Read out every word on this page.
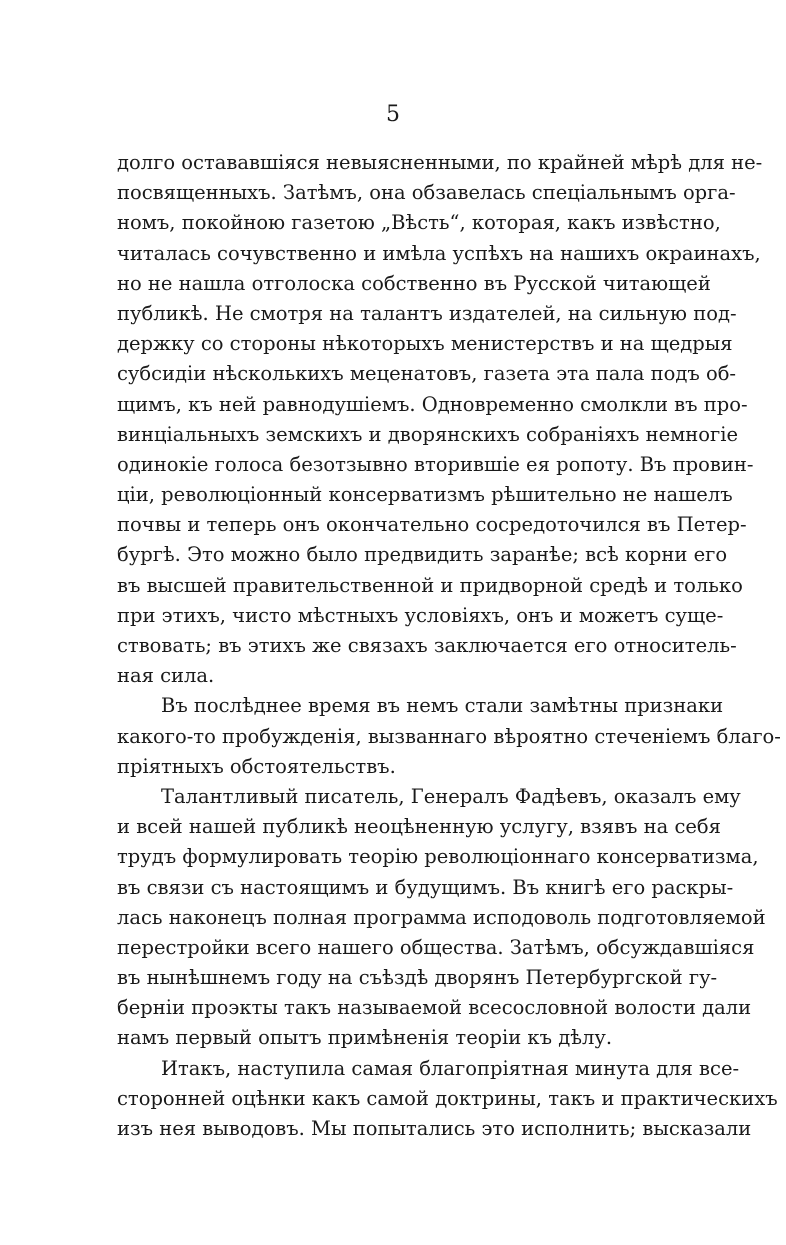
5
долго остававшіяся невыясненными, по крайней мѣрѣ для не-
посвященныхъ. Затѣмъ, она обзавелась спеціальнымъ орга-
номъ, покойною газетою „Вѣсть“, которая, какъ извѣстно,
читалась сочувственно и имѣла успѣхъ на нашихъ окраинахъ,
но не нашла отголоска собственно въ Русской читающей
публикѣ. Не смотря на талантъ издателей, на сильную под-
держку со стороны нѣкоторыхъ менистерствъ и на щедрыя
субсидіи нѣсколькихъ меценатовъ, газета эта пала подъ об-
щимъ, къ ней равнодушіемъ. Одновременно смолкли въ про-
винціальныхъ земскихъ и дворянскихъ собраніяхъ немногіе
одинокіе голоса безотзывно вторившіе ея ропоту. Въ провин-
ціи, революціонный консерватизмъ рѣшительно не нашелъ
почвы и теперь онъ окончательно сосредоточился въ Петер-
бургѣ. Это можно было предвидить заранѣе; всѣ корни его
въ высшей правительственной и придворной средѣ и только
при этихъ, чисто мѣстныхъ условіяхъ, онъ и можетъ суще-
ствовать; въ этихъ же связахъ заключается его относитель-
ная сила.
Въ послѣднее время въ немъ стали замѣтны признаки
какого-то пробужденія, вызваннаго вѣроятно стеченіемъ благо-
пріятныхъ обстоятельствъ.
Талантливый писатель, Генералъ Фадѣевъ, оказалъ ему
и всей нашей публикѣ неоцѣненную услугу, взявъ на себя
трудъ формулировать теорію революціоннаго консерватизма,
въ связи съ настоящимъ и будущимъ. Въ книгѣ его раскры-
лась наконецъ полная программа исподоволь подготовляемой
перестройки всего нашего общества. Затѣмъ, обсуждавшіяся
въ нынѣшнемъ году на съѣздѣ дворянъ Петербургской гу-
берніи проэкты такъ называемой всесословной волости дали
намъ первый опытъ примѣненія теоріи къ дѣлу.
Итакъ, наступила самая благопріятная минута для все-
сторонней оцѣнки какъ самой доктрины, такъ и практическихъ
изъ нея выводовъ. Мы попытались это исполнить; высказали
